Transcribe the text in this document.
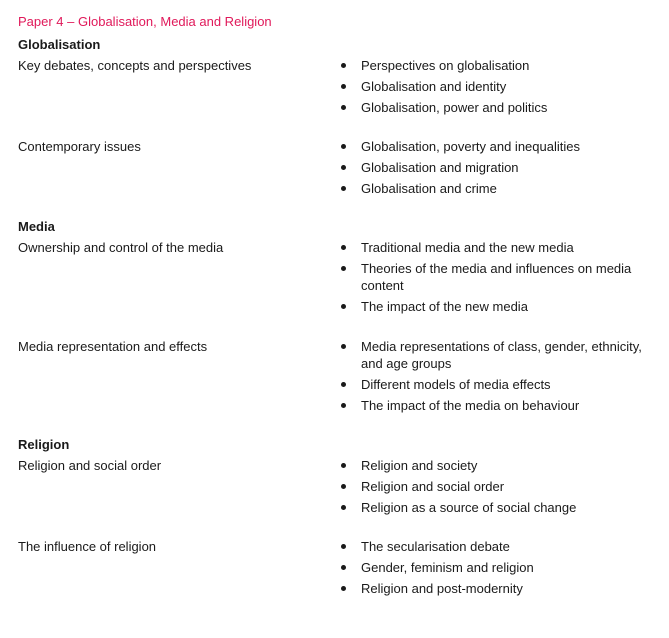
Paper 4 – Globalisation, Media and Religion
Globalisation
Key debates, concepts and perspectives	Perspectives on globalisation
Globalisation and identity
Globalisation, power and politics
Contemporary issues	Globalisation, poverty and inequalities
Globalisation and migration
Globalisation and crime
Media
Ownership and control of the media	Traditional media and the new media
Theories of the media and influences on media content
The impact of the new media
Media representation and effects	Media representations of class, gender, ethnicity, and age groups
Different models of media effects
The impact of the media on behaviour
Religion
Religion and social order	Religion and society
Religion and social order
Religion as a source of social change
The influence of religion	The secularisation debate
Gender, feminism and religion
Religion and post-modernity
